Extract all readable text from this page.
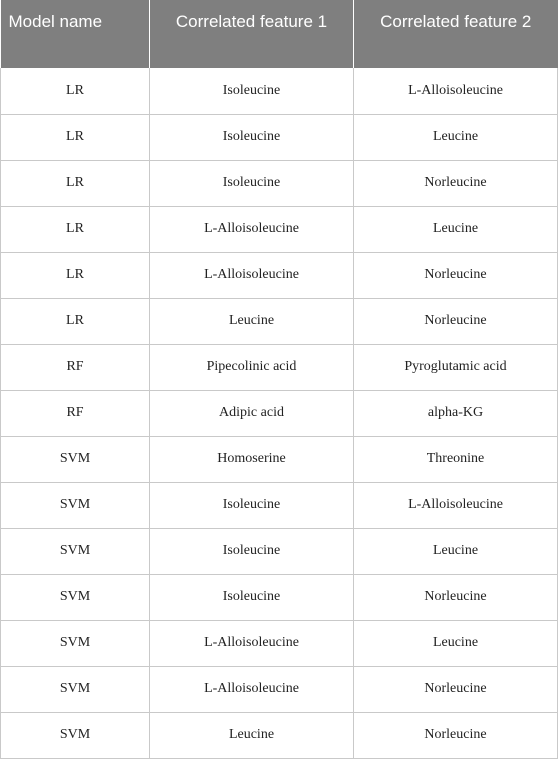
Model name	Correlated feature 1	Correlated feature 2
LR	Isoleucine	L-Alloisoleucine
LR	Isoleucine	Leucine
LR	Isoleucine	Norleucine
LR	L-Alloisoleucine	Leucine
LR	L-Alloisoleucine	Norleucine
LR	Leucine	Norleucine
RF	Pipecolinic acid	Pyroglutamic acid
RF	Adipic acid	alpha-KG
SVM	Homoserine	Threonine
SVM	Isoleucine	L-Alloisoleucine
SVM	Isoleucine	Leucine
SVM	Isoleucine	Norleucine
SVM	L-Alloisoleucine	Leucine
SVM	L-Alloisoleucine	Norleucine
SVM	Leucine	Norleucine
